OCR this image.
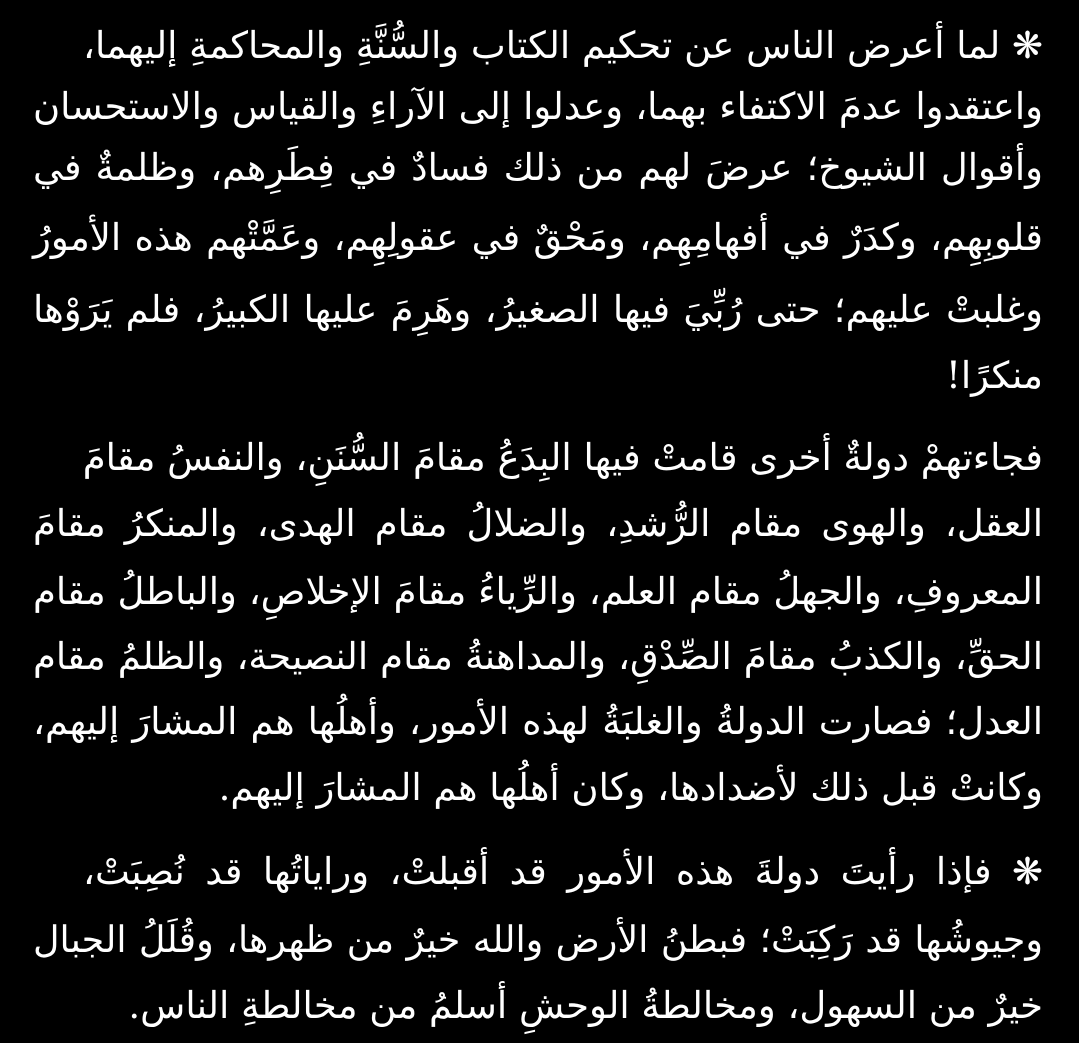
❋ لما أعرض الناس عن تحكيم الكتاب والسُّنَّةِ والمحاكمةِ إليهما،
واعتقدوا عدمَ الاكتفاء بهما، وعدلوا إلى الآراءِ والقياس والاستحسان
وأقوال الشيوخ؛ عرضَ لهم من ذلك فسادٌ في فِطَرِهم، وظلمةٌ في
قلوبِهِم، وكدَرٌ في أفهامِهِم، ومَحْقٌ في عقولِهِم، وعَمَّتْهم هذه الأمورُ
وغلبتْ عليهم؛ حتى رُبِّيَ فيها الصغيرُ، وهَرِمَ عليها الكبيرُ، فلم يَرَوْها
منكرًا!
فجاءتهمْ دولةٌ أخرى قامتْ فيها البِدَعُ مقامَ السُّنَنِ، والنفسُ مقامَ
العقل، والهوى مقام الرُّشدِ، والضلالُ مقام الهدى، والمنكرُ مقامَ
المعروفِ، والجهلُ مقام العلم، والرِّياءُ مقامَ الإخلاصِ، والباطلُ مقام
الحقِّ، والكذبُ مقامَ الصِّدْقِ، والمداهنةُ مقام النصيحة، والظلمُ مقام
العدل؛ فصارت الدولةُ والغلبَةُ لهذه الأمور، وأهلُها هم المشارَ إليهم،
وكانتْ قبل ذلك لأضدادها، وكان أهلُها هم المشارَ إليهم.
❋ فإذا رأيتَ دولةَ هذه الأمور قد أقبلتْ، وراياتُها قد نُصِبَتْ،
وجيوشُها قد رَكِبَتْ؛ فبطنُ الأرض والله خيرٌ من ظهرها، وقُلَلُ الجبال
خيرٌ من السهول، ومخالطةُ الوحشِ أسلمُ من مخالطةِ الناس.
